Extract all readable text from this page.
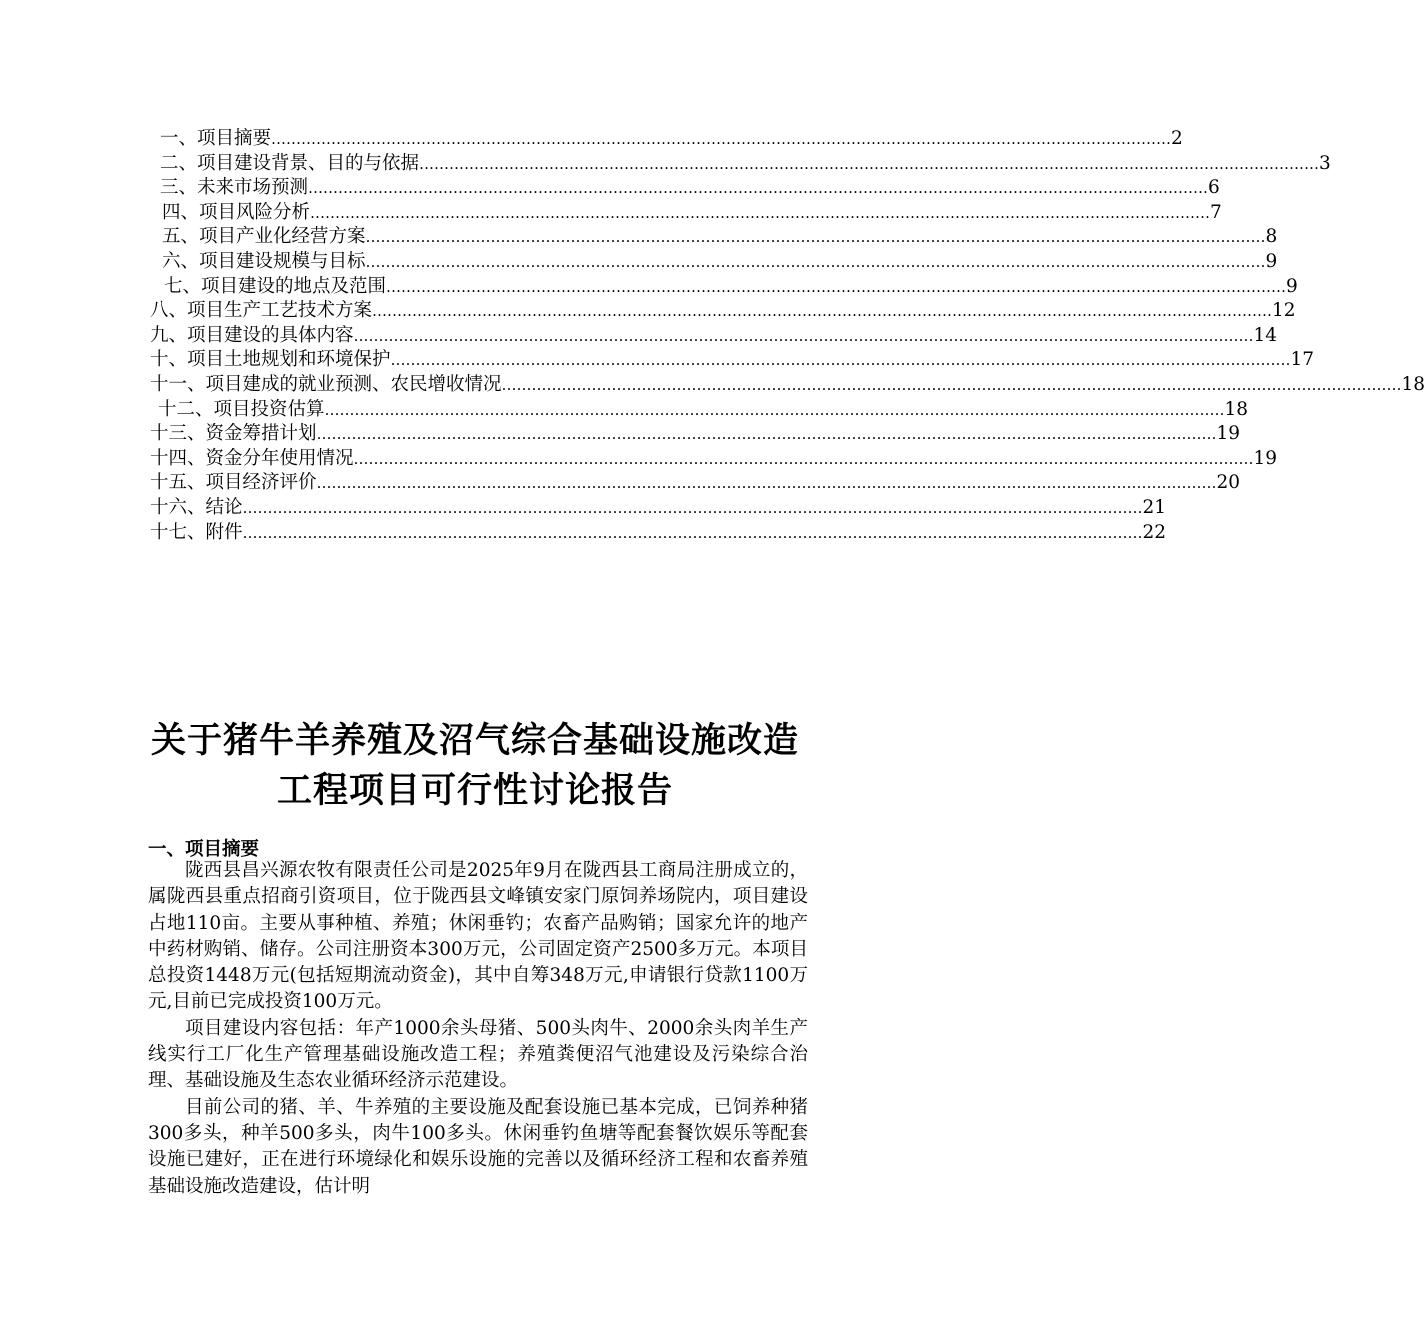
一、项目摘要 ……………………………………………………………………………………………………………………………………………………………… 2
二、项目建设背景、目的与依据 ……………………………………………………………………………………………………………………………………………………………… 3
三、未来市场预测 ……………………………………………………………………………………………………………………………………………………………… 6
四、项目风险分析 ……………………………………………………………………………………………………………………………………………………………… 7
五、项目产业化经营方案 ……………………………………………………………………………………………………………………………………………………………… 8
六、项目建设规模与目标 ……………………………………………………………………………………………………………………………………………………………… 9
七、项目建设的地点及范围 ……………………………………………………………………………………………………………………………………………………………… 9
八、项目生产工艺技术方案 ……………………………………………………………………………………………………………………………………………………………… 12
九、项目建设的具体内容 ……………………………………………………………………………………………………………………………………………………………… 14
十、项目土地规划和环境保护 ……………………………………………………………………………………………………………………………………………………………… 17
十一、项目建成的就业预测、农民增收情况 ……………………………………………………………………………………………………………………………………………………………… 18
十二、项目投资估算 ……………………………………………………………………………………………………………………………………………………………… 18
十三、资金筹措计划 ……………………………………………………………………………………………………………………………………………………………… 19
十四、资金分年使用情况 ……………………………………………………………………………………………………………………………………………………………… 19
十五、项目经济评价 ……………………………………………………………………………………………………………………………………………………………… 20
十六、结论 ……………………………………………………………………………………………………………………………………………………………… 21
十七、附件 ……………………………………………………………………………………………………………………………………………………………… 22
关于猪牛羊养殖及沼气综合基础设施改造
工程项目可行性讨论报告
一、项目摘要

陇西县昌兴源农牧有限责任公司是2025年9月在陇西县工商局注册成立的，属陇西县重点招商引资项目，位于陇西县文峰镇安家门原饲养场院内，项目建设占地110亩。主要从事种植、养殖；休闲垂钓；农畜产品购销；国家允许的地产中药材购销、储存。公司注册资本300万元，公司固定资产2500多万元。本项目总投资1448万元(包括短期流动资金)，其中自筹348万元,申请银行贷款1100万元,目前已完成投资100万元。

项目建设内容包括：年产1000余头母猪、500头肉牛、2000余头肉羊生产线实行工厂化生产管理基础设施改造工程；养殖粪便沼气池建设及污染综合治理、基础设施及生态农业循环经济示范建设。

目前公司的猪、羊、牛养殖的主要设施及配套设施已基本完成，已饲养种猪300多头，种羊500多头，肉牛100多头。休闲垂钓鱼塘等配套餐饮娱乐等配套设施已建好，正在进行环境绿化和娱乐设施的完善以及循环经济工程和农畜养殖基础设施改造建设，估计明
